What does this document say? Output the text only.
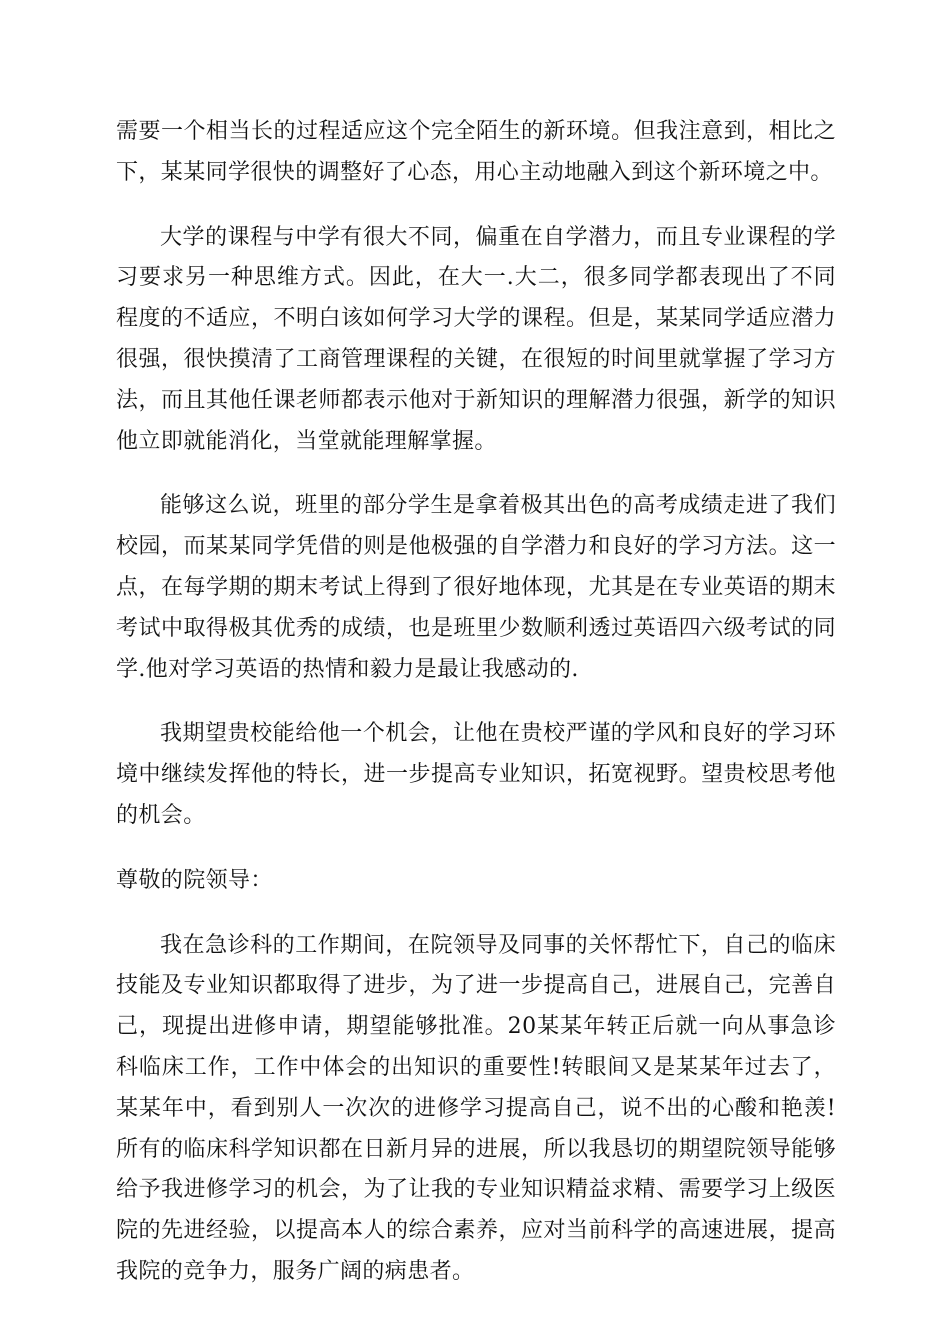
需要一个相当长的过程适应这个完全陌生的新环境。但我注意到，相比之下，某某同学很快的调整好了心态，用心主动地融入到这个新环境之中。

大学的课程与中学有很大不同，偏重在自学潜力，而且专业课程的学习要求另一种思维方式。因此，在大一.大二，很多同学都表现出了不同程度的不适应，不明白该如何学习大学的课程。但是，某某同学适应潜力很强，很快摸清了工商管理课程的关键，在很短的时间里就掌握了学习方法，而且其他任课老师都表示他对于新知识的理解潜力很强，新学的知识他立即就能消化，当堂就能理解掌握。

能够这么说，班里的部分学生是拿着极其出色的高考成绩走进了我们校园，而某某同学凭借的则是他极强的自学潜力和良好的学习方法。这一点，在每学期的期末考试上得到了很好地体现，尤其是在专业英语的期末考试中取得极其优秀的成绩，也是班里少数顺利透过英语四六级考试的同学.他对学习英语的热情和毅力是最让我感动的.

我期望贵校能给他一个机会，让他在贵校严谨的学风和良好的学习环境中继续发挥他的特长，进一步提高专业知识，拓宽视野。望贵校思考他的机会。

尊敬的院领导：

我在急诊科的工作期间，在院领导及同事的关怀帮忙下，自己的临床技能及专业知识都取得了进步，为了进一步提高自己，进展自己，完善自己，现提出进修申请，期望能够批准。20某某年转正后就一向从事急诊科临床工作，工作中体会的出知识的重要性!转眼间又是某某年过去了，某某年中，看到别人一次次的进修学习提高自己，说不出的心酸和艳羡!所有的临床科学知识都在日新月异的进展，所以我恳切的期望院领导能够给予我进修学习的机会，为了让我的专业知识精益求精、需要学习上级医院的先进经验，以提高本人的综合素养，应对当前科学的高速进展，提高我院的竞争力，服务广阔的病患者。
